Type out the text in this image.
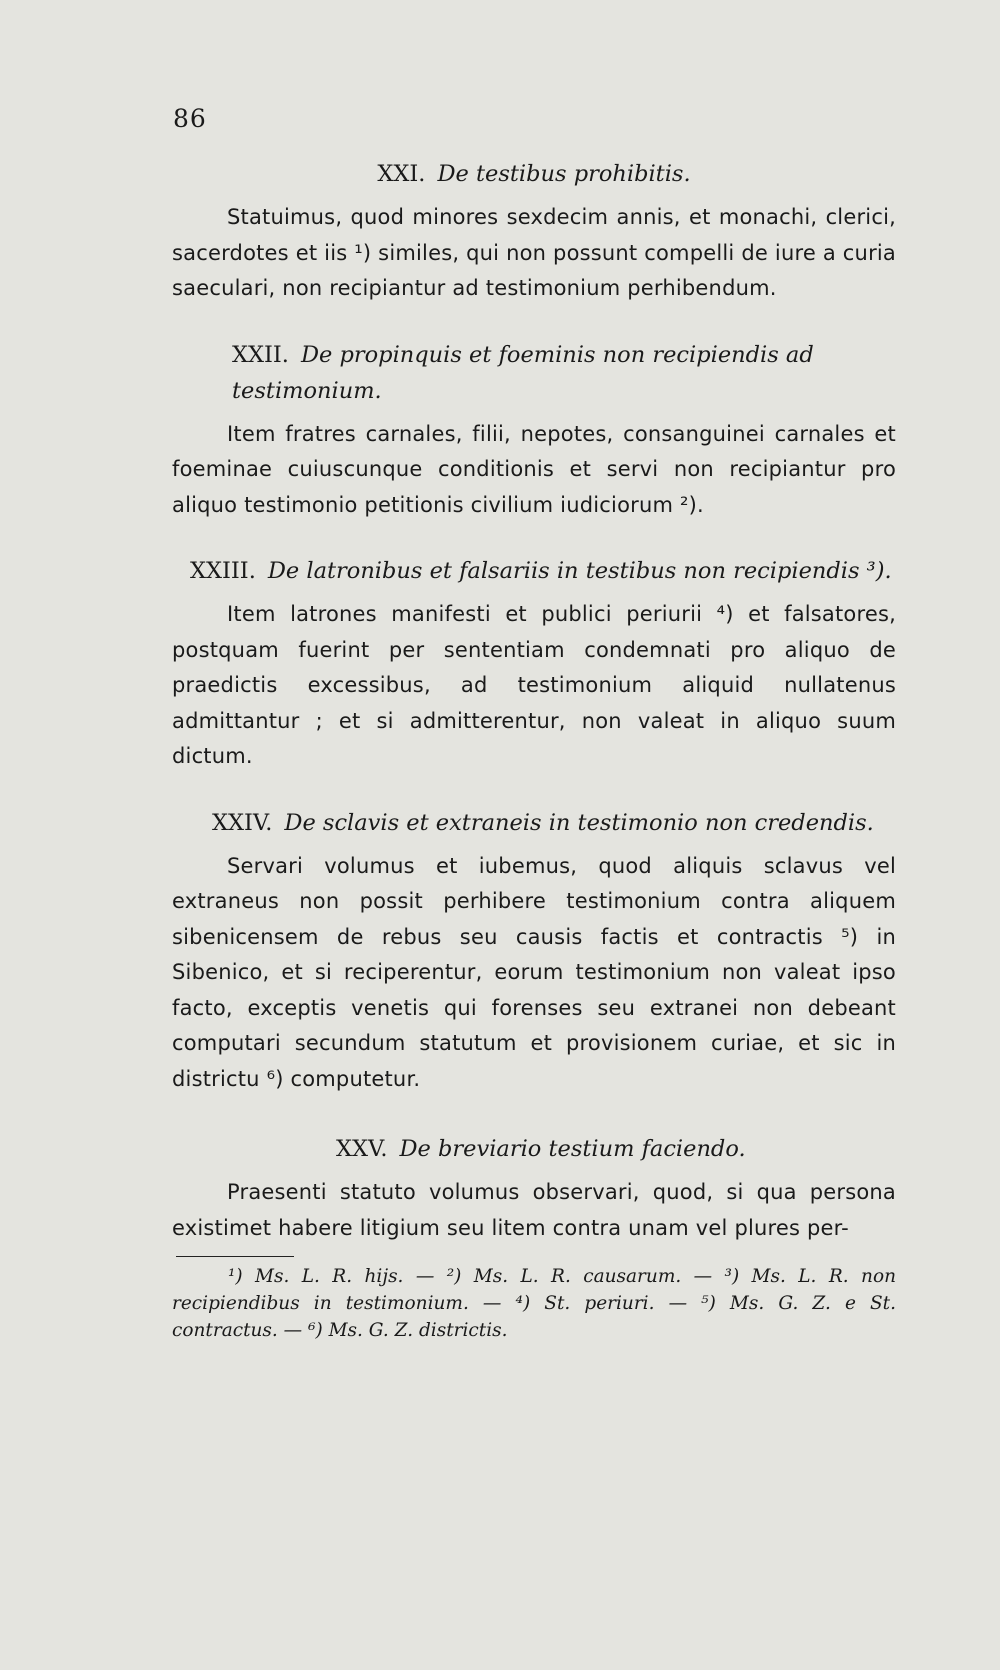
86

XXI. De testibus prohibitis.

Statuimus, quod minores sexdecim annis, et monachi, clerici, sacerdotes et iis ¹) similes, qui non possunt compelli de iure a curia saeculari, non recipiantur ad testimonium perhibendum.

XXII. De propinquis et foeminis non recipiendis ad testimonium.

Item fratres carnales, filii, nepotes, consanguinei carnales et foeminae cuiuscunque conditionis et servi non recipiantur pro aliquo testimonio petitionis civilium iudiciorum ²).

XXIII. De latronibus et falsariis in testibus non recipiendis ³).

Item latrones manifesti et publici periurii ⁴) et falsatores, postquam fuerint per sententiam condemnati pro aliquo de praedictis excessibus, ad testimonium aliquid nullatenus admittantur ; et si admitterentur, non valeat in aliquo suum dictum.

XXIV. De sclavis et extraneis in testimonio non credendis.

Servari volumus et iubemus, quod aliquis sclavus vel extraneus non possit perhibere testimonium contra aliquem sibenicensem de rebus seu causis factis et contractis ⁵) in Sibenico, et si reciperentur, eorum testimonium non valeat ipso facto, exceptis venetis qui forenses seu extranei non debeant computari secundum statutum et provisionem curiae, et sic in districtu ⁶) computetur.

XXV. De breviario testium faciendo.

Praesenti statuto volumus observari, quod, si qua persona existimet habere litigium seu litem contra unam vel plures per-

¹) Ms. L. R. hijs. — ²) Ms. L. R. causarum. — ³) Ms. L. R. non recipiendibus in testimonium. — ⁴) St. periuri. — ⁵) Ms. G. Z. e St. contractus. — ⁶) Ms. G. Z. districtis.
